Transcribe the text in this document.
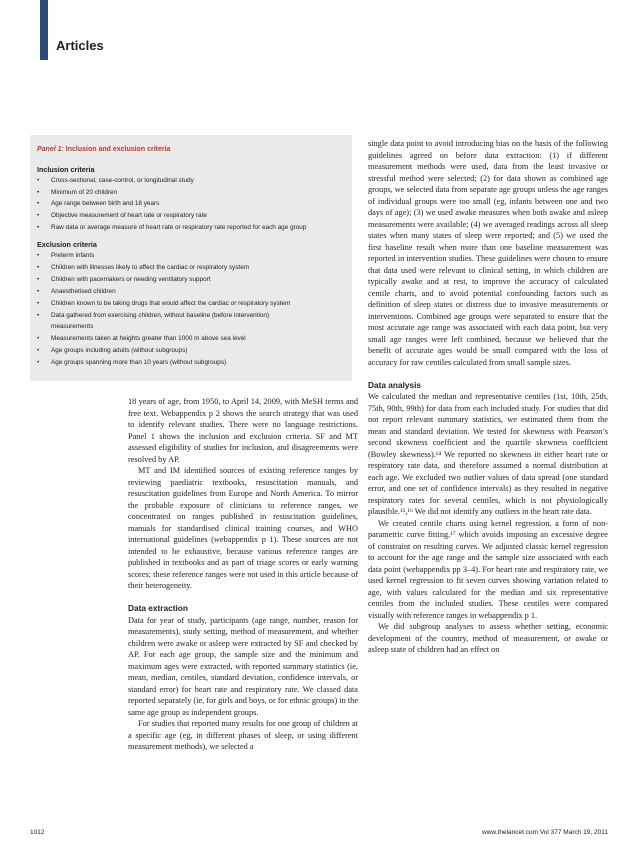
Articles
Panel 1: Inclusion and exclusion criteria
Inclusion criteria
• Cross-sectional, case-control, or longitudinal study
• Minimum of 20 children
• Age range between birth and 18 years
• Objective measurement of heart rate or respiratory rate
• Raw data or average measure of heart rate or respiratory rate reported for each age group
Exclusion criteria
• Preterm infants
• Children with illnesses likely to affect the cardiac or respiratory system
• Children with pacemakers or needing ventilatory support
• Anaesthetised children
• Children known to be taking drugs that would affect the cardiac or respiratory system
• Data gathered from exercising children, without baseline (before intervention)
measurements
• Measurements taken at heights greater than 1000 m above sea level
• Age groups including adults (without subgroups)
• Age groups spanning more than 10 years (without subgroups)

18 years of age, from 1950, to April 14, 2009, with MeSH terms and free text. Webappendix p 2 shows the search strategy that was used to identify relevant studies. There were no language restrictions. Panel 1 shows the inclusion and exclusion criteria. SF and MT assessed eligibility of studies for inclusion, and disagreements were resolved by AP.

MT and IM identified sources of existing reference ranges by reviewing paediatric textbooks, resuscitation manuals, and resuscitation guidelines from Europe and North America. To mirror the probable exposure of clinicians to reference ranges, we concentrated on ranges published in resuscitation guidelines, manuals for standardised clinical training courses, and WHO international guidelines (webappendix p 1). These sources are not intended to be exhaustive, because various reference ranges are published in textbooks and as part of triage scores or early warning scores; these reference ranges were not used in this article because of their heterogeneity.

Data extraction

Data for year of study, participants (age range, number, reason for measurements), study setting, method of measurement, and whether children were awake or asleep were extracted by SF and checked by AP. For each age group, the sample size and the minimum and maximum ages were extracted, with reported summary statistics (ie, mean, median, centiles, standard deviation, confidence intervals, or standard error) for heart rate and respiratory rate. We classed data reported separately (ie, for girls and boys, or for ethnic groups) in the same age group as independent groups.

For studies that reported many results for one group of children at a specific age (eg, in different phases of sleep, or using different measurement methods), we selected a

single data point to avoid introducing bias on the basis of the following guidelines agreed on before data extraction: (1) if different measurement methods were used, data from the least invasive or stressful method were selected; (2) for data shown as combined age groups, we selected data from separate age groups unless the age ranges of individual groups were too small (eg, infants between one and two days of age); (3) we used awake measures when both awake and asleep measurements were available; (4) we averaged readings across all sleep states when many states of sleep were reported; and (5) we used the first baseline result when more than one baseline measurement was reported in intervention studies. These guidelines were chosen to ensure that data used were relevant to clinical setting, in which children are typically awake and at rest, to improve the accuracy of calculated centile charts, and to avoid potential confounding factors such as definition of sleep states or distress due to invasive measurements or interventions. Combined age groups were separated to ensure that the most accurate age range was associated with each data point, but very small age ranges were left combined, because we believed that the benefit of accurate ages would be small compared with the loss of accuracy for raw centiles calculated from small sample sizes.

Data analysis

We calculated the median and representative centiles (1st, 10th, 25th, 75th, 90th, 99th) for data from each included study. For studies that did not report relevant summary statistics, we estimated them from the mean and standard deviation. We tested for skewness with Pearson’s second skewness coefficient and the quartile skewness coefficient (Bowley skewness).¹⁴ We reported no skewness in either heart rate or respiratory rate data, and therefore assumed a normal distribution at each age. We excluded two outlier values of data spread (one standard error, and one set of confidence intervals) as they resulted in negative respiratory rates for several centiles, which is not physiologically plausible.¹⁵,¹⁶ We did not identify any outliers in the heart rate data.

We created centile charts using kernel regression, a form of non-parametric curve fitting,¹⁷ which avoids imposing an excessive degree of constraint on resulting curves. We adjusted classic kernel regression to account for the age range and the sample size associated with each data point (webappendix pp 3–4). For heart rate and respiratory rate, we used kernel regression to fit seven curves showing variation related to age, with values calculated for the median and six representative centiles from the included studies. These centiles were compared visually with reference ranges in webappendix p 1.

We did subgroup analyses to assess whether setting, economic development of the country, method of measurement, or awake or asleep state of children had an effect on

1012	www.thelancet.com Vol 377 March 19, 2011
